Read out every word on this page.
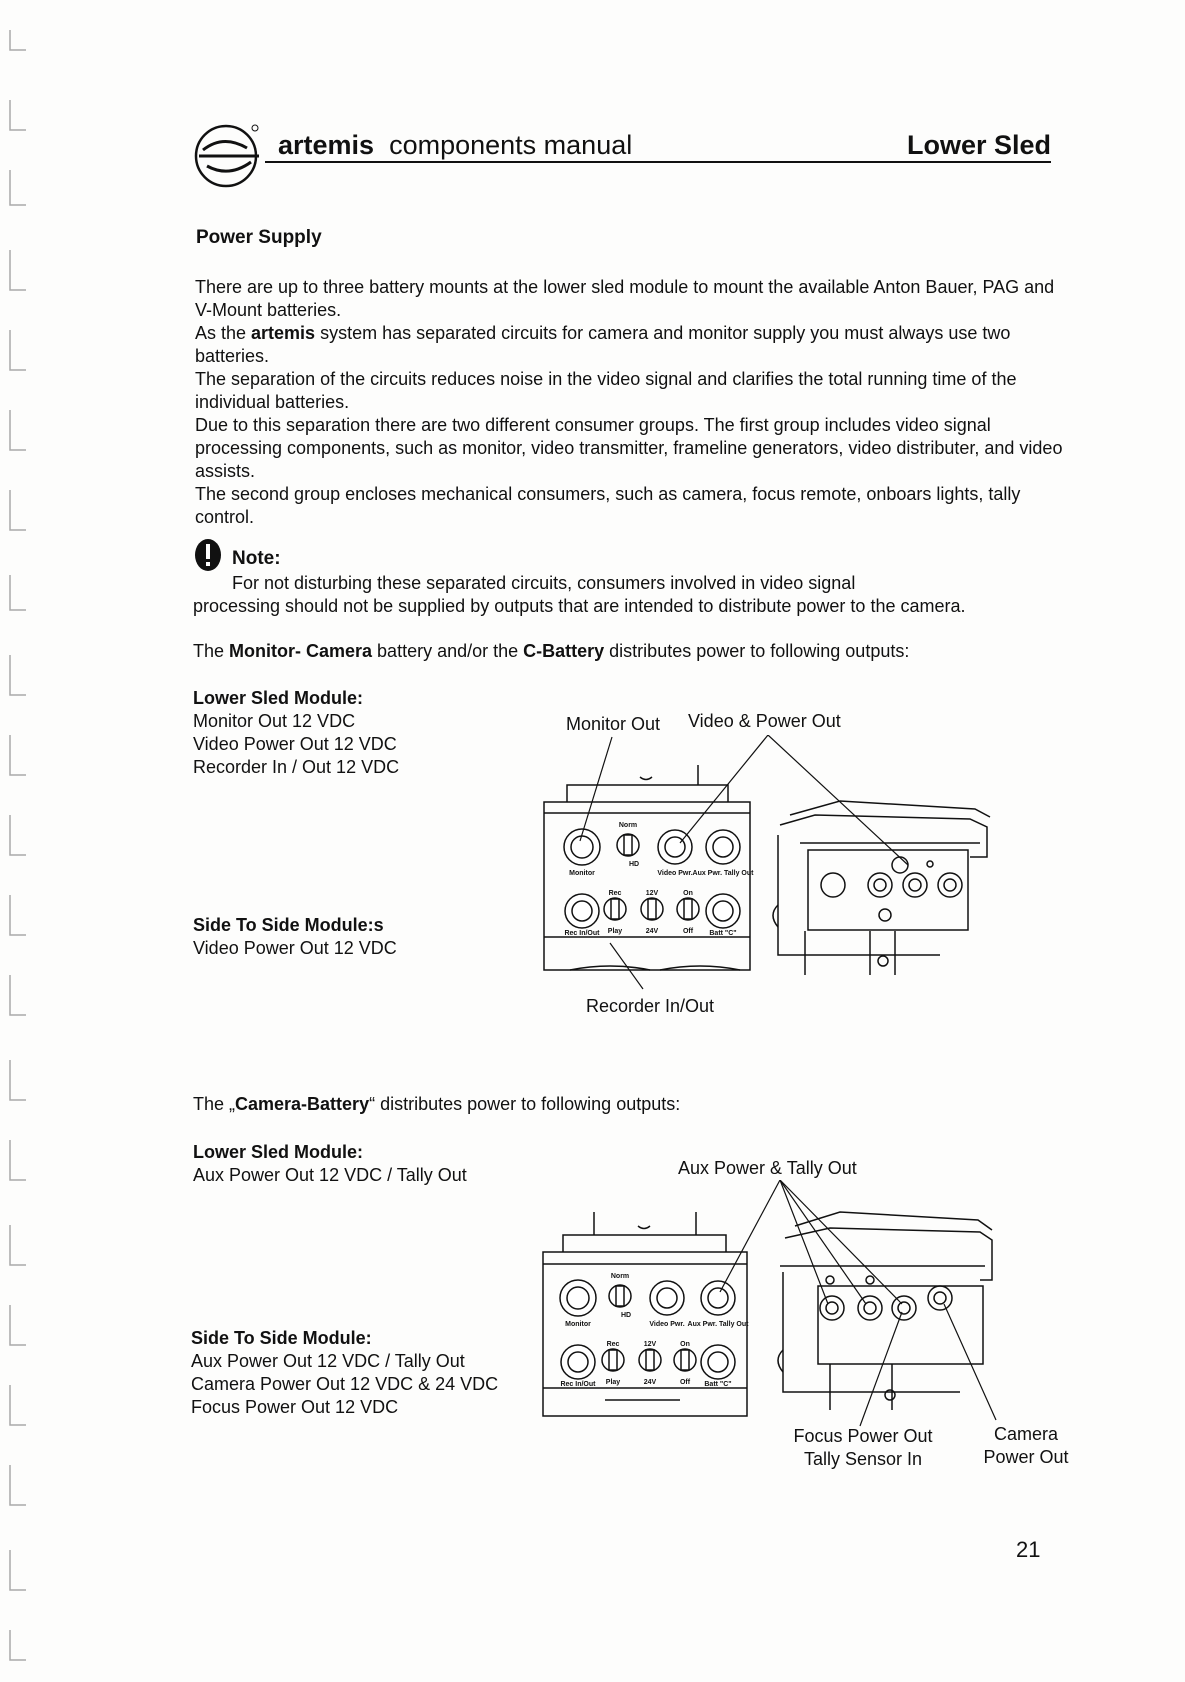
artemis components manual	Lower Sled
Power Supply

There are up to three battery mounts at the lower sled module to mount the available Anton Bauer, PAG and V-Mount batteries.

As the artemis system has separated circuits for camera and monitor supply you must always use two batteries.

The separation of the circuits reduces noise in the video signal and clarifies the total running time of the individual batteries.

Due to this separation there are two different consumer groups. The first group includes video signal processing components, such as monitor, video transmitter, frameline generators, video distributer, and video assists.

The second group encloses mechanical consumers, such as camera, focus remote, onboars lights, tally control.

Note:
For not disturbing these separated circuits, consumers involved in video signal
processing should not be supplied by outputs that are intended to distribute power to the camera.
The Monitor- Camera battery and/or the C-Battery distributes power to following outputs:
Lower Sled Module:
Monitor Out 12 VDC
Video Power Out 12 VDC
Recorder In / Out 12 VDC
Side To Side Module:s
Video Power Out 12 VDC
Monitor Out Video & Power Out
Recorder In/Out
Norm
HD
Monitor	Video Pwr. Aux Pwr. Tally Out
Rec	12V	On
Rec In/Out Play	24V	Off Batt "C"
The „Camera-Battery“ distributes power to following outputs:
Lower Sled Module:
Aux Power Out 12 VDC / Tally Out
Side To Side Module:
Aux Power Out 12 VDC / Tally Out
Camera Power Out 12 VDC & 24 VDC
Focus Power Out 12 VDC
Aux Power & Tally Out
Focus Power Out
Tally Sensor In
Camera
Power Out
Norm
HD
Monitor	Video Pwr. Aux Pwr. Tally Out
Rec	12V	On
Rec In/Out Play	24V	Off Batt "C"
21
